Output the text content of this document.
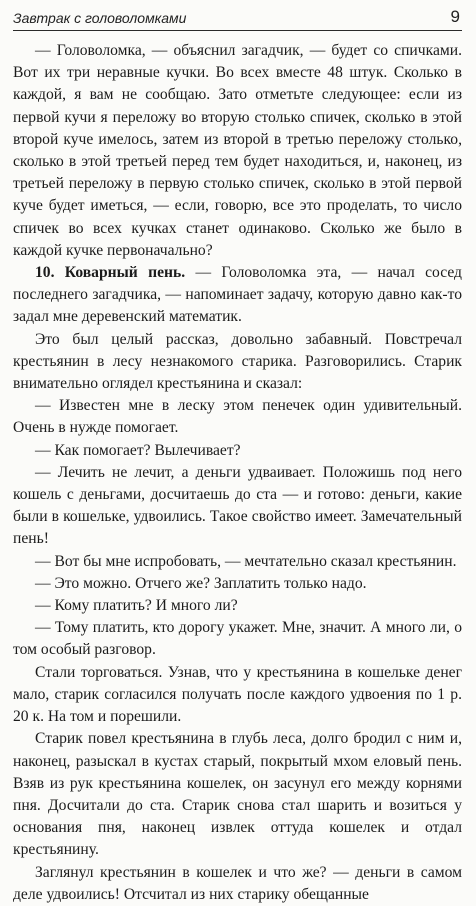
Завтрак с головоломками	9

— Головоломка, — объяснил загадчик, — будет со спичками. Вот их три неравные кучки. Во всех вместе 48 штук. Сколько в каждой, я вам не сообщаю. Зато отметьте следующее: если из первой кучи я переложу во вторую столько спичек, сколько в этой второй куче имелось, затем из второй в третью переложу столько, сколько в этой третьей перед тем будет находиться, и, наконец, из третьей переложу в первую столько спичек, сколько в этой первой куче будет иметься, — если, говорю, все это проделать, то число спичек во всех кучках станет одинаково. Сколько же было в каждой кучке первоначально?

10. Коварный пень. — Головоломка эта, — начал сосед последнего загадчика, — напоминает задачу, которую давно как-то задал мне деревенский математик.

Это был целый рассказ, довольно забавный. Повстречал крестьянин в лесу незнакомого старика. Разговорились. Старик внимательно оглядел крестьянина и сказал:

— Известен мне в леску этом пенечек один удивительный. Очень в нужде помогает.

— Как помогает? Вылечивает?

— Лечить не лечит, а деньги удваивает. Положишь под него кошель с деньгами, досчитаешь до ста — и готово: деньги, какие были в кошельке, удвоились. Такое свойство имеет. Замечательный пень!

— Вот бы мне испробовать, — мечтательно сказал крестьянин.

— Это можно. Отчего же? Заплатить только надо.

— Кому платить? И много ли?

— Тому платить, кто дорогу укажет. Мне, значит. А много ли, о том особый разговор.

Стали торговаться. Узнав, что у крестьянина в кошельке денег мало, старик согласился получать после каждого удвоения по 1 р. 20 к. На том и порешили.

Старик повел крестьянина в глубь леса, долго бродил с ним и, наконец, разыскал в кустах старый, покрытый мхом еловый пень. Взяв из рук крестьянина кошелек, он засунул его между корнями пня. Досчитали до ста. Старик снова стал шарить и возиться у основания пня, наконец извлек оттуда кошелек и отдал крестьянину.

Заглянул крестьянин в кошелек и что же? — деньги в самом деле удвоились! Отсчитал из них старику обещанные
